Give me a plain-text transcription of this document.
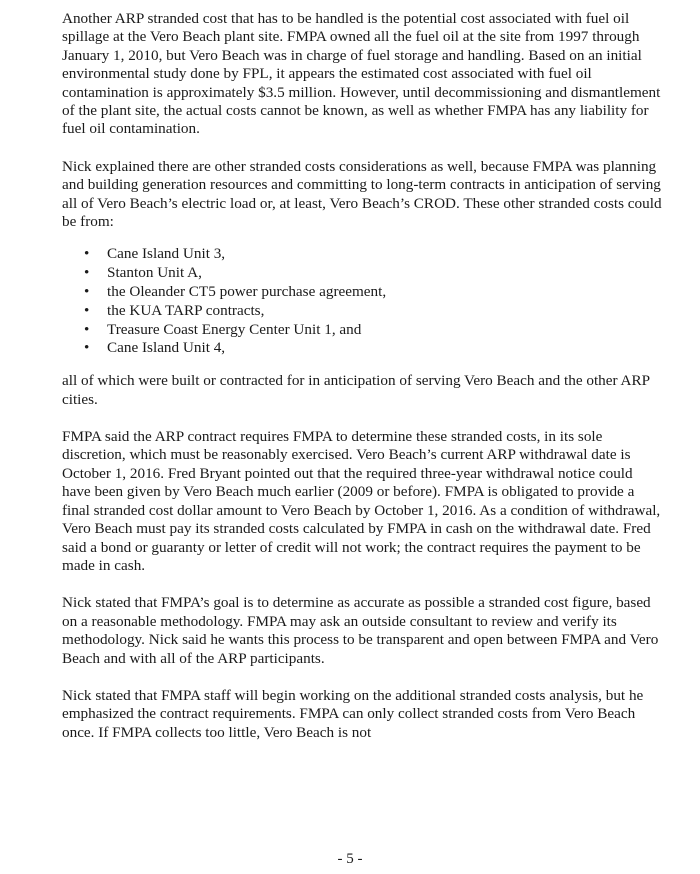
Another ARP stranded cost that has to be handled is the potential cost associated with fuel oil spillage at the Vero Beach plant site. FMPA owned all the fuel oil at the site from 1997 through January 1, 2010, but Vero Beach was in charge of fuel storage and handling. Based on an initial environmental study done by FPL, it appears the estimated cost associated with fuel oil contamination is approximately $3.5 million. However, until decommissioning and dismantlement of the plant site, the actual costs cannot be known, as well as whether FMPA has any liability for fuel oil contamination.

Nick explained there are other stranded costs considerations as well, because FMPA was planning and building generation resources and committing to long-term contracts in anticipation of serving all of Vero Beach’s electric load or, at least, Vero Beach’s CROD. These other stranded costs could be from:

• Cane Island Unit 3,
• Stanton Unit A,
• the Oleander CT5 power purchase agreement,
• the KUA TARP contracts,
• Treasure Coast Energy Center Unit 1, and
• Cane Island Unit 4,

all of which were built or contracted for in anticipation of serving Vero Beach and the other ARP cities.

FMPA said the ARP contract requires FMPA to determine these stranded costs, in its sole discretion, which must be reasonably exercised. Vero Beach’s current ARP withdrawal date is October 1, 2016. Fred Bryant pointed out that the required three-year withdrawal notice could have been given by Vero Beach much earlier (2009 or before). FMPA is obligated to provide a final stranded cost dollar amount to Vero Beach by October 1, 2016. As a condition of withdrawal, Vero Beach must pay its stranded costs calculated by FMPA in cash on the withdrawal date. Fred said a bond or guaranty or letter of credit will not work; the contract requires the payment to be made in cash.

Nick stated that FMPA’s goal is to determine as accurate as possible a stranded cost figure, based on a reasonable methodology. FMPA may ask an outside consultant to review and verify its methodology. Nick said he wants this process to be transparent and open between FMPA and Vero Beach and with all of the ARP participants.

Nick stated that FMPA staff will begin working on the additional stranded costs analysis, but he emphasized the contract requirements. FMPA can only collect stranded costs from Vero Beach once. If FMPA collects too little, Vero Beach is not

- 5 -
